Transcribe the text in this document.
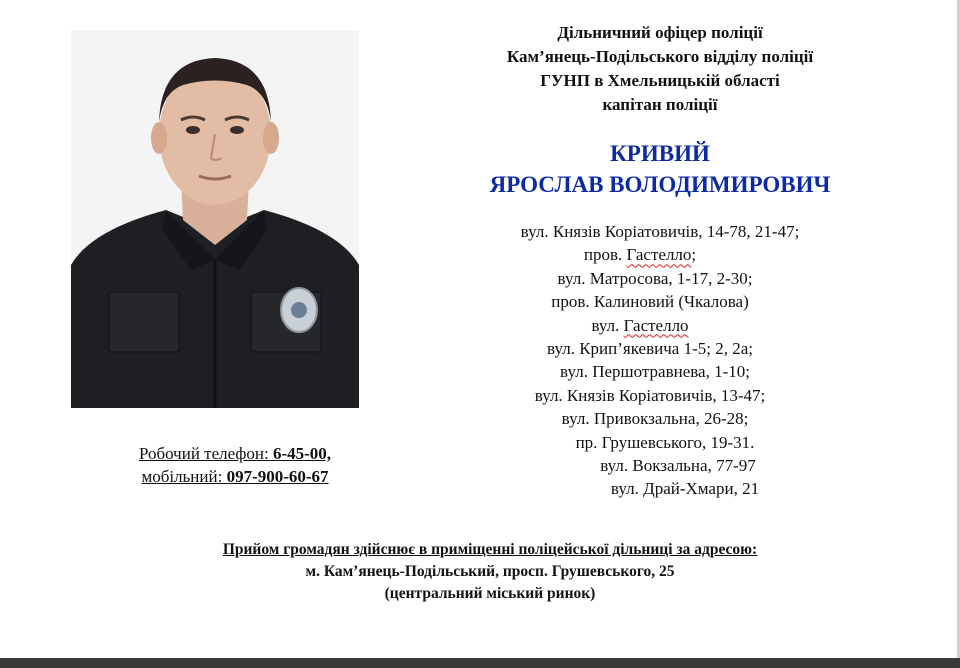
Робочий телефон: 6-45-00,
мобільний: 097-900-60-67
Дільничний офіцер поліції
Кам’янець-Подільського відділу поліції
ГУНП в Хмельницькій області
капітан поліції
КРИВИЙ
ЯРОСЛАВ ВОЛОДИМИРОВИЧ
вул. Князів Коріатовичів, 14-78, 21-47;
пров. Гастелло;
вул. Матросова, 1-17, 2-30;
пров. Калиновий (Чкалова)
вул. Гастелло
вул. Крип’якевича 1-5; 2, 2а;
вул. Першотравнева, 1-10;
вул. Князів Коріатовичів, 13-47;
вул. Привокзальна, 26-28;
пр. Грушевського, 19-31.
вул. Вокзальна, 77-97
вул. Драй-Хмари, 21
Прийом громадян здійснює в приміщенні поліцейської дільниці за адресою:
м. Кам’янець-Подільський, просп. Грушевського, 25
(центральний міський ринок)
